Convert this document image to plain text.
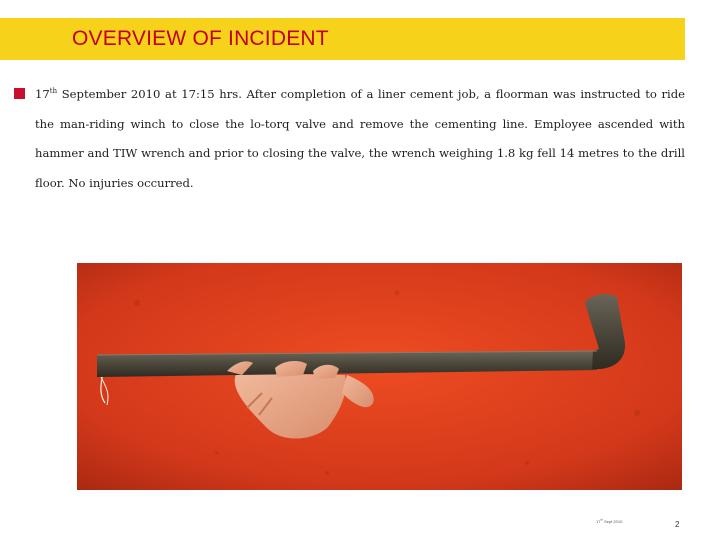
OVERVIEW OF INCIDENT
17th September 2010 at 17:15 hrs. After completion of a liner cement job, a floorman was instructed to ride the man-riding winch to close the lo-torq valve and remove the cementing line. Employee ascended with hammer and TIW wrench and prior to closing the valve, the wrench weighing 1.8 kg fell 14 metres to the drill floor. No injuries occurred.
17th Sept 2010	2
